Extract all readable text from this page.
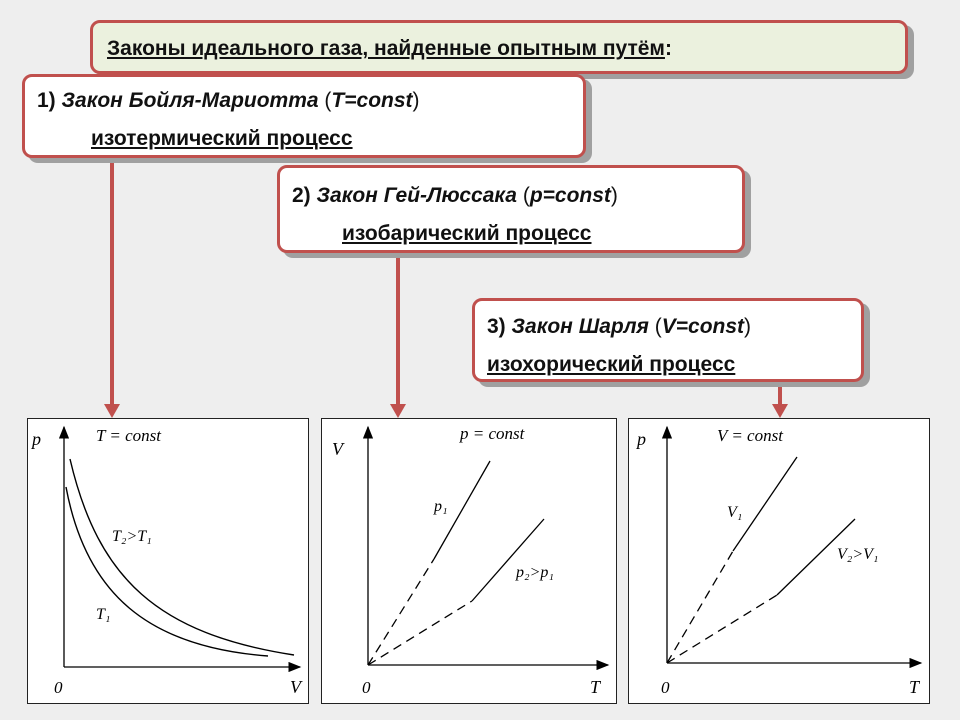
Законы идеального газа, найденные опытным путём:
1) Закон Бойля-Мариотта (T=const)
изотермический процесс
2) Закон Гей-Люссака (p=const)
изобарический процесс
3) Закон Шарля (V=const)
изохорический процесс
p
V
0
T = const
T₂>T₁
T₁
V
T
0
p = const
p₁
p₂>p₁
p
T
0
V = const
V₁
V₂>V₁
